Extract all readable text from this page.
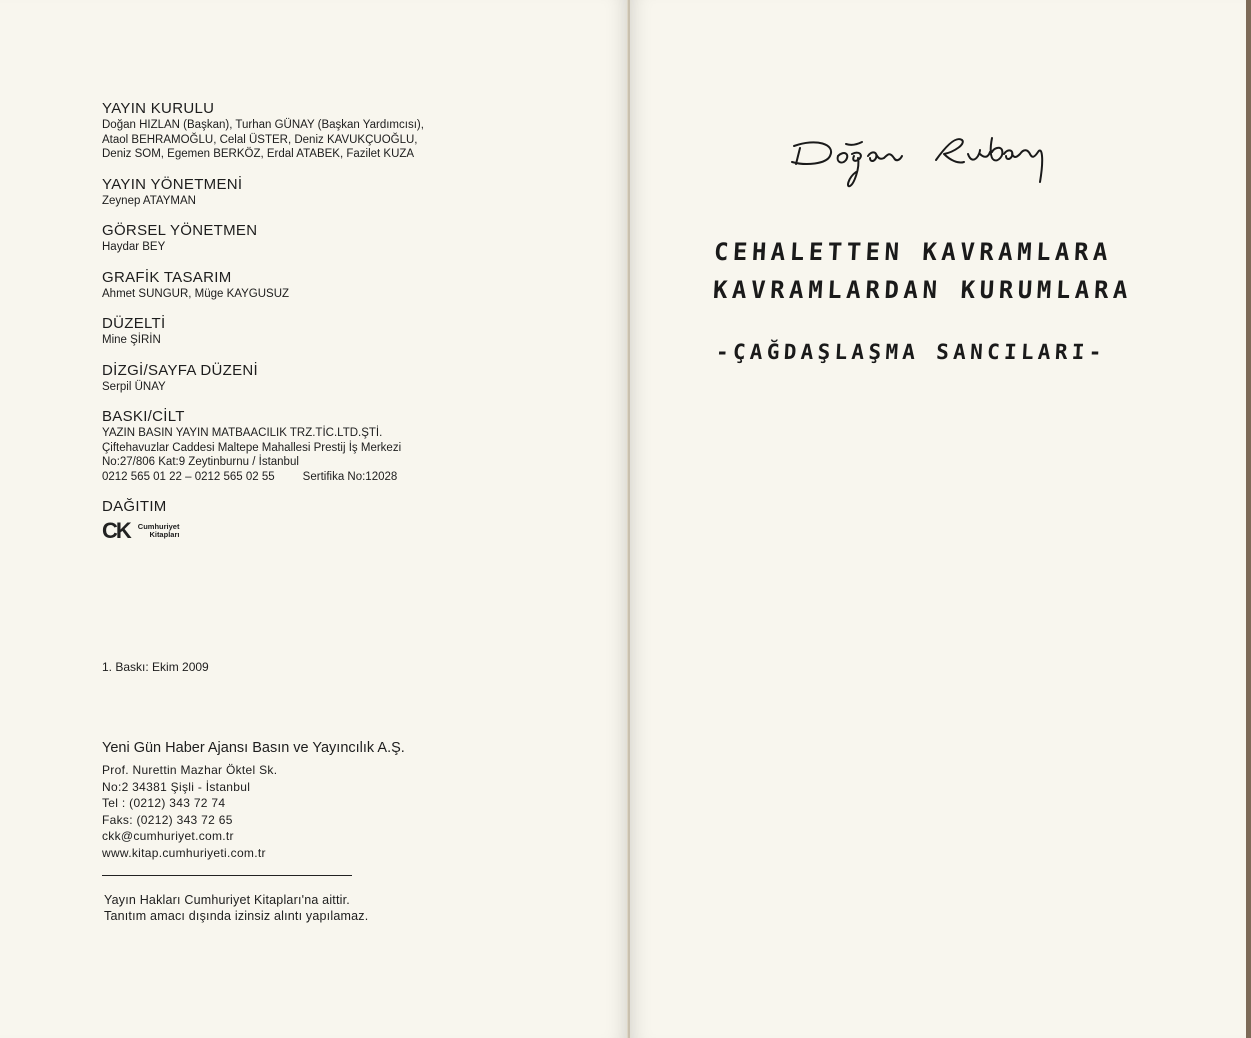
YAYIN KURULU

Doğan HIZLAN (Başkan), Turhan GÜNAY (Başkan Yardımcısı),

Ataol BEHRAMOĞLU, Celal ÜSTER, Deniz KAVUKÇUOĞLU,

Deniz SOM, Egemen BERKÖZ, Erdal ATABEK, Fazilet KUZA

YAYIN YÖNETMENİ

Zeynep ATAYMAN

GÖRSEL YÖNETMEN

Haydar BEY

GRAFİK TASARIM

Ahmet SUNGUR, Müge KAYGUSUZ

DÜZELTİ

Mine ŞİRİN

DİZGİ/SAYFA DÜZENİ

Serpil ÜNAY

BASKI/CİLT

YAZIN BASIN YAYIN MATBAACILIK TRZ.TİC.LTD.ŞTİ.

Çiftehavuzlar Caddesi Maltepe Mahallesi Prestij İş Merkezi

No:27/806 Kat:9 Zeytinburnu / İstanbul

0212 565 01 22 – 0212 565 02 55 Sertifika No:12028

DAĞITIM
CK Cumhuriyet
Kitapları
1. Baskı: Ekim 2009
Yeni Gün Haber Ajansı Basın ve Yayıncılık A.Ş.
Prof. Nurettin Mazhar Öktel Sk.
No:2 34381 Şişli - İstanbul
Tel : (0212) 343 72 74
Faks: (0212) 343 72 65
ckk@cumhuriyet.com.tr
www.kitap.cumhuriyeti.com.tr
Yayın Hakları Cumhuriyet Kitapları'na aittir.
Tanıtım amacı dışında izinsiz alıntı yapılamaz.
CEHALETTEN KAVRAMLARA
KAVRAMLARDAN KURUMLARA
-ÇAĞDAŞLAŞMA SANCILARI-
